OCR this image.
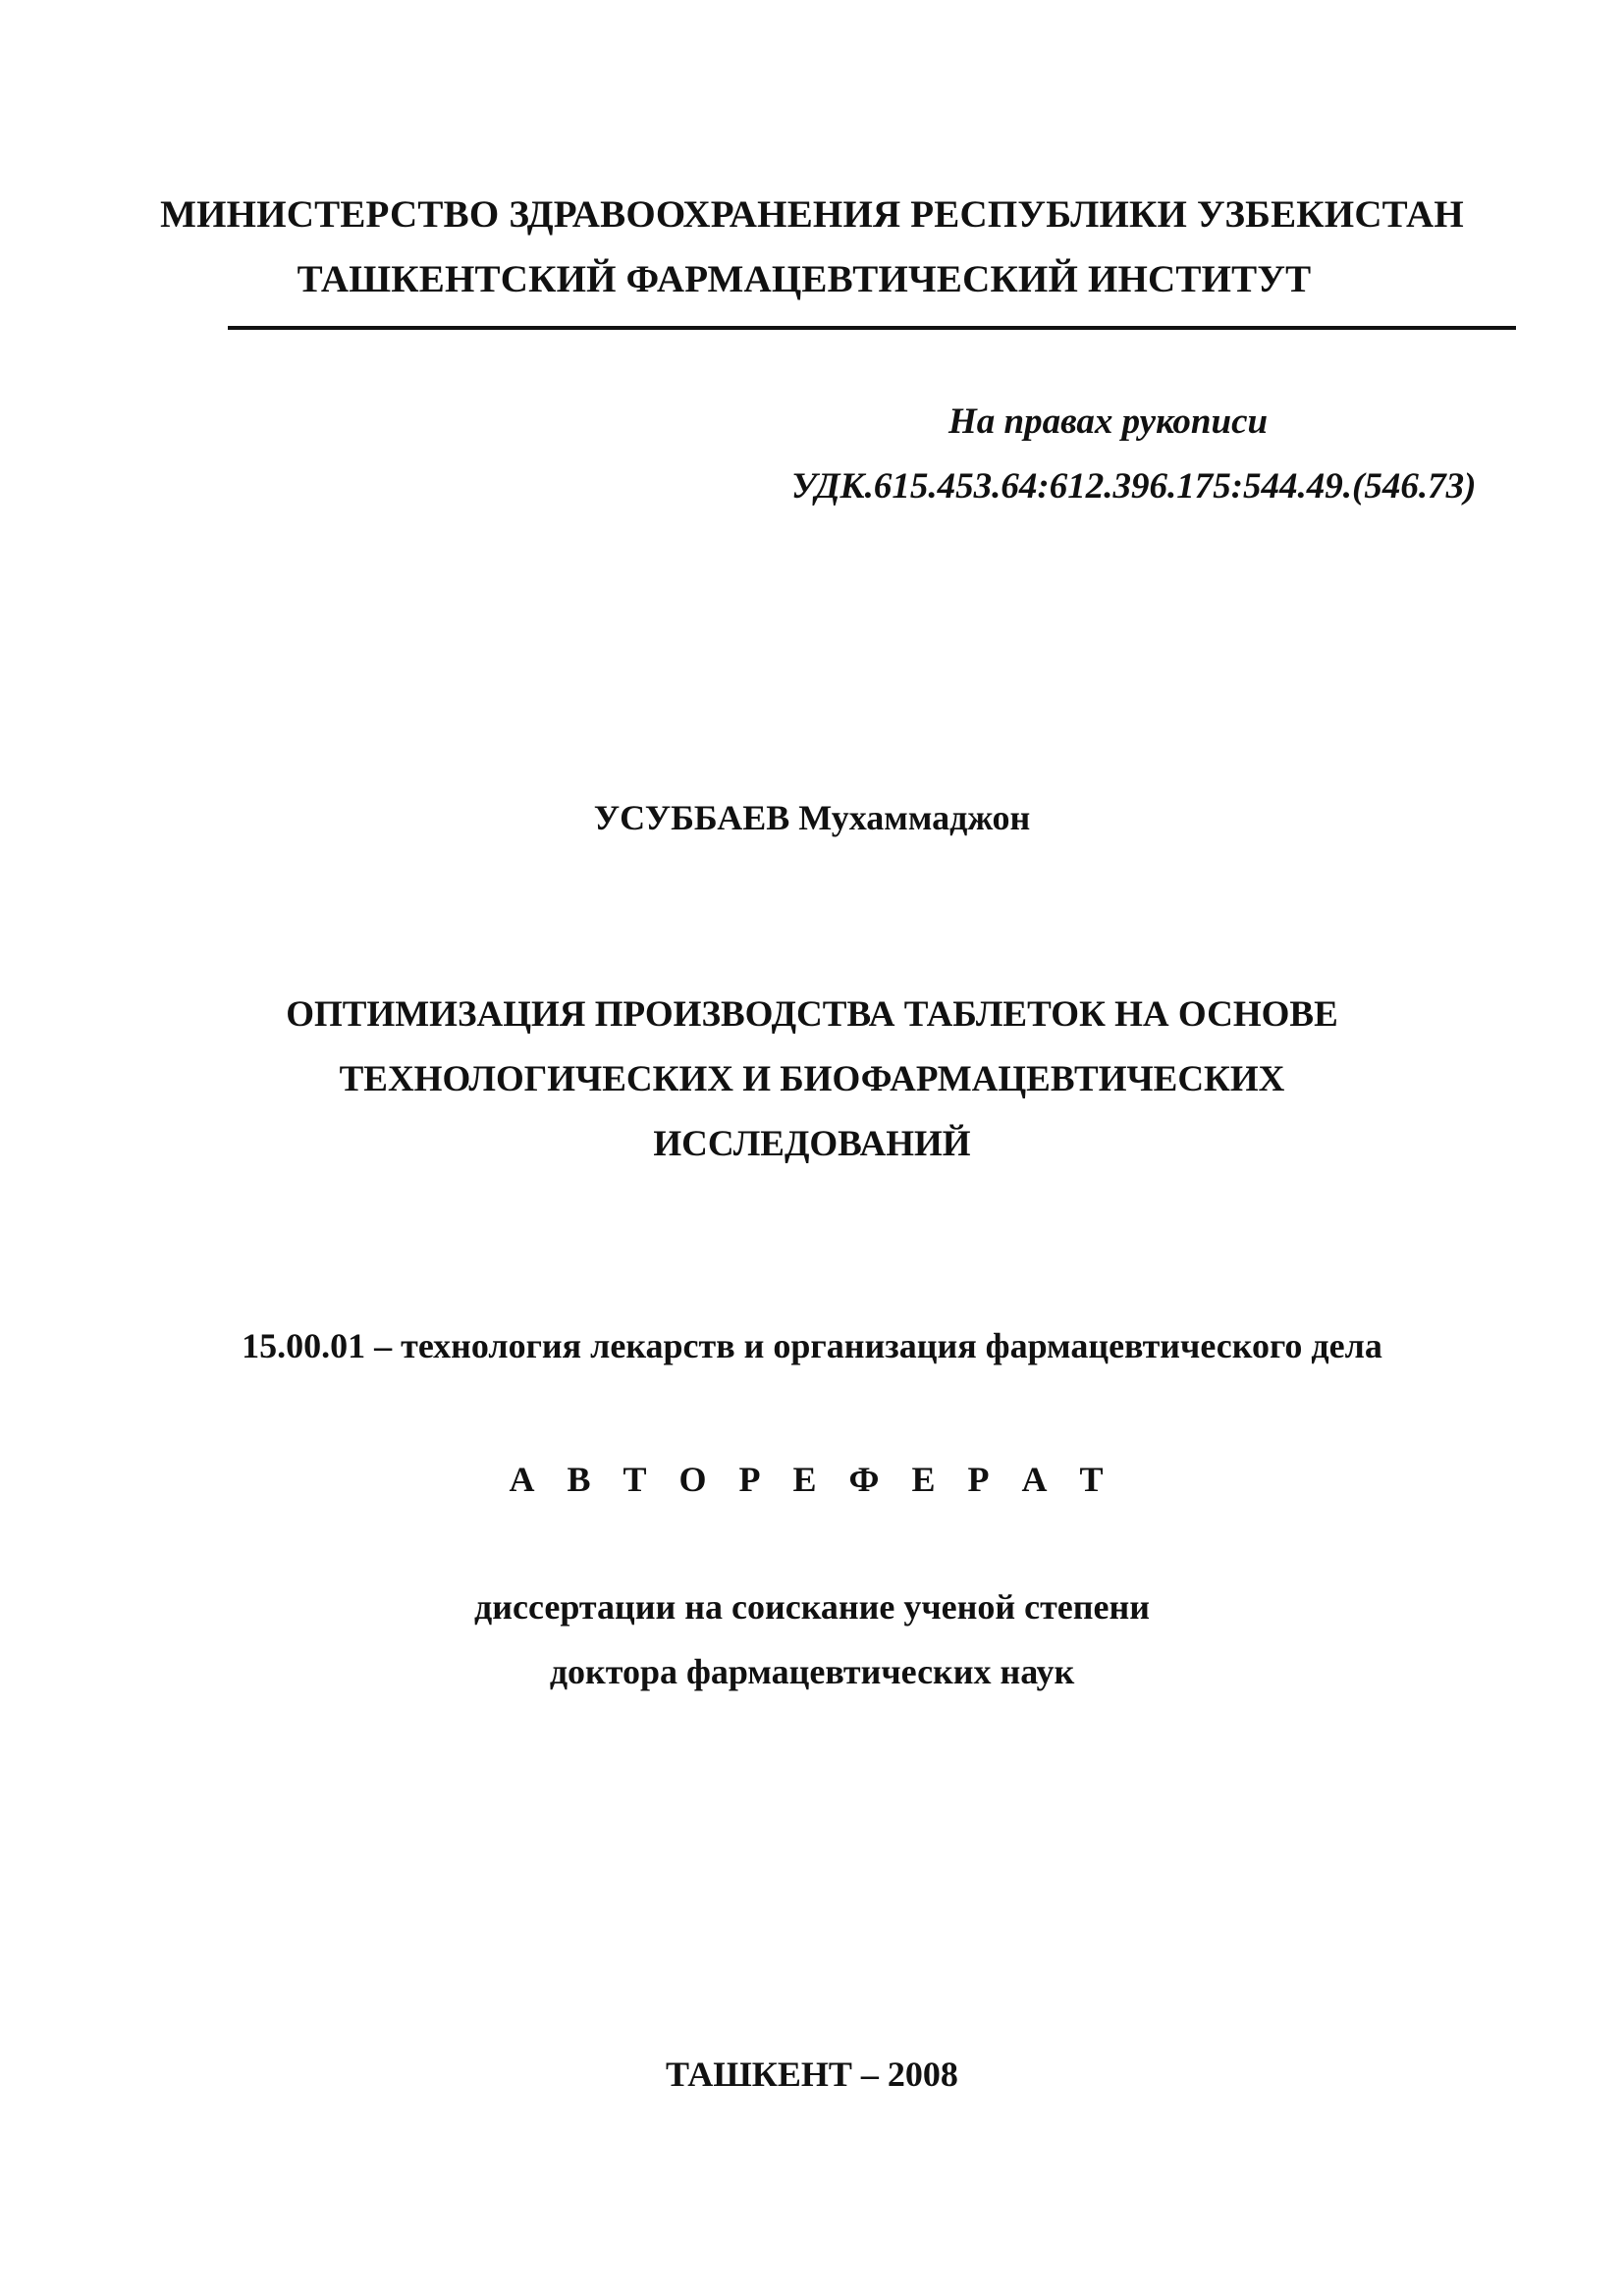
МИНИСТЕРСТВО ЗДРАВООХРАНЕНИЯ РЕСПУБЛИКИ УЗБЕКИСТАН
ТАШКЕНТСКИЙ ФАРМАЦЕВТИЧЕСКИЙ ИНСТИТУТ
На правах рукописи
УДК.615.453.64:612.396.175:544.49.(546.73)
УСУББАЕВ Мухаммаджон
ОПТИМИЗАЦИЯ ПРОИЗВОДСТВА ТАБЛЕТОК НА ОСНОВЕ
ТЕХНОЛОГИЧЕСКИХ И БИОФАРМАЦЕВТИЧЕСКИХ
ИССЛЕДОВАНИЙ
15.00.01 – технология лекарств и организация фармацевтического дела
А В Т О Р Е Ф Е Р А Т
диссертации на соискание ученой степени
доктора фармацевтических наук
ТАШКЕНТ – 2008
